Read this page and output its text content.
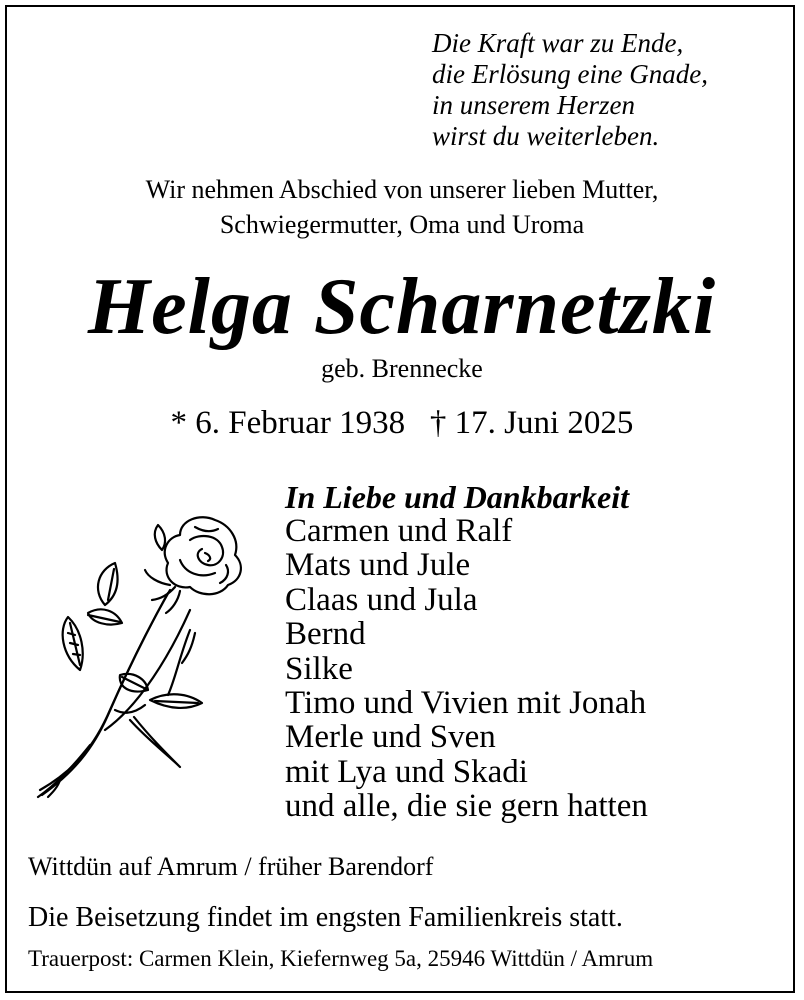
Die Kraft war zu Ende,
die Erlösung eine Gnade,
in unserem Herzen
wirst du weiterleben.
Wir nehmen Abschied von unserer lieben Mutter,
Schwiegermutter, Oma und Uroma
Helga Scharnetzki
geb. Brennecke
* 6. Februar 1938   † 17. Juni 2025
In Liebe und Dankbarkeit
Carmen und Ralf
Mats und Jule
Claas und Jula
Bernd
Silke
Timo und Vivien mit Jonah
Merle und Sven
mit Lya und Skadi
und alle, die sie gern hatten
Wittdün auf Amrum / früher Barendorf
Die Beisetzung findet im engsten Familienkreis statt.
Trauerpost: Carmen Klein, Kiefernweg 5a, 25946 Wittdün / Amrum
